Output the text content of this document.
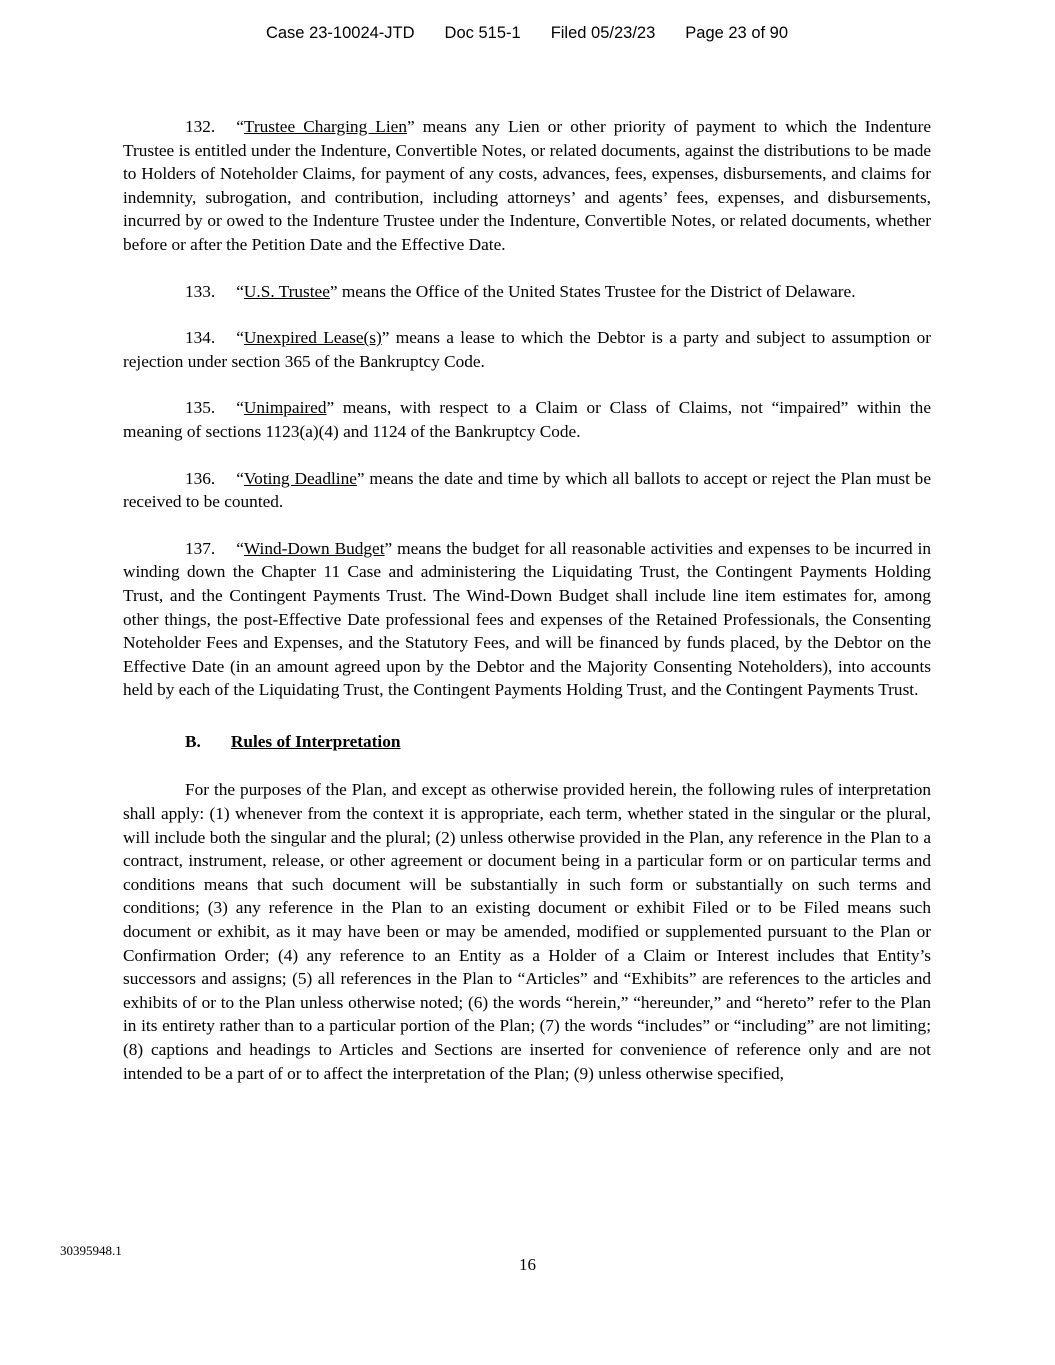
Case 23-10024-JTD Doc 515-1 Filed 05/23/23 Page 23 of 90

132. “Trustee Charging Lien” means any Lien or other priority of payment to which the Indenture Trustee is entitled under the Indenture, Convertible Notes, or related documents, against the distributions to be made to Holders of Noteholder Claims, for payment of any costs, advances, fees, expenses, disbursements, and claims for indemnity, subrogation, and contribution, including attorneys’ and agents’ fees, expenses, and disbursements, incurred by or owed to the Indenture Trustee under the Indenture, Convertible Notes, or related documents, whether before or after the Petition Date and the Effective Date.

133. “U.S. Trustee” means the Office of the United States Trustee for the District of Delaware.

134. “Unexpired Lease(s)” means a lease to which the Debtor is a party and subject to assumption or rejection under section 365 of the Bankruptcy Code.

135. “Unimpaired” means, with respect to a Claim or Class of Claims, not “impaired” within the meaning of sections 1123(a)(4) and 1124 of the Bankruptcy Code.

136. “Voting Deadline” means the date and time by which all ballots to accept or reject the Plan must be received to be counted.

137. “Wind-Down Budget” means the budget for all reasonable activities and expenses to be incurred in winding down the Chapter 11 Case and administering the Liquidating Trust, the Contingent Payments Holding Trust, and the Contingent Payments Trust. The Wind-Down Budget shall include line item estimates for, among other things, the post-Effective Date professional fees and expenses of the Retained Professionals, the Consenting Noteholder Fees and Expenses, and the Statutory Fees, and will be financed by funds placed, by the Debtor on the Effective Date (in an amount agreed upon by the Debtor and the Majority Consenting Noteholders), into accounts held by each of the Liquidating Trust, the Contingent Payments Holding Trust, and the Contingent Payments Trust.

B. Rules of Interpretation

For the purposes of the Plan, and except as otherwise provided herein, the following rules of interpretation shall apply: (1) whenever from the context it is appropriate, each term, whether stated in the singular or the plural, will include both the singular and the plural; (2) unless otherwise provided in the Plan, any reference in the Plan to a contract, instrument, release, or other agreement or document being in a particular form or on particular terms and conditions means that such document will be substantially in such form or substantially on such terms and conditions; (3) any reference in the Plan to an existing document or exhibit Filed or to be Filed means such document or exhibit, as it may have been or may be amended, modified or supplemented pursuant to the Plan or Confirmation Order; (4) any reference to an Entity as a Holder of a Claim or Interest includes that Entity’s successors and assigns; (5) all references in the Plan to “Articles” and “Exhibits” are references to the articles and exhibits of or to the Plan unless otherwise noted; (6) the words “herein,” “hereunder,” and “hereto” refer to the Plan in its entirety rather than to a particular portion of the Plan; (7) the words “includes” or “including” are not limiting; (8) captions and headings to Articles and Sections are inserted for convenience of reference only and are not intended to be a part of or to affect the interpretation of the Plan; (9) unless otherwise specified,

30395948.1
16
